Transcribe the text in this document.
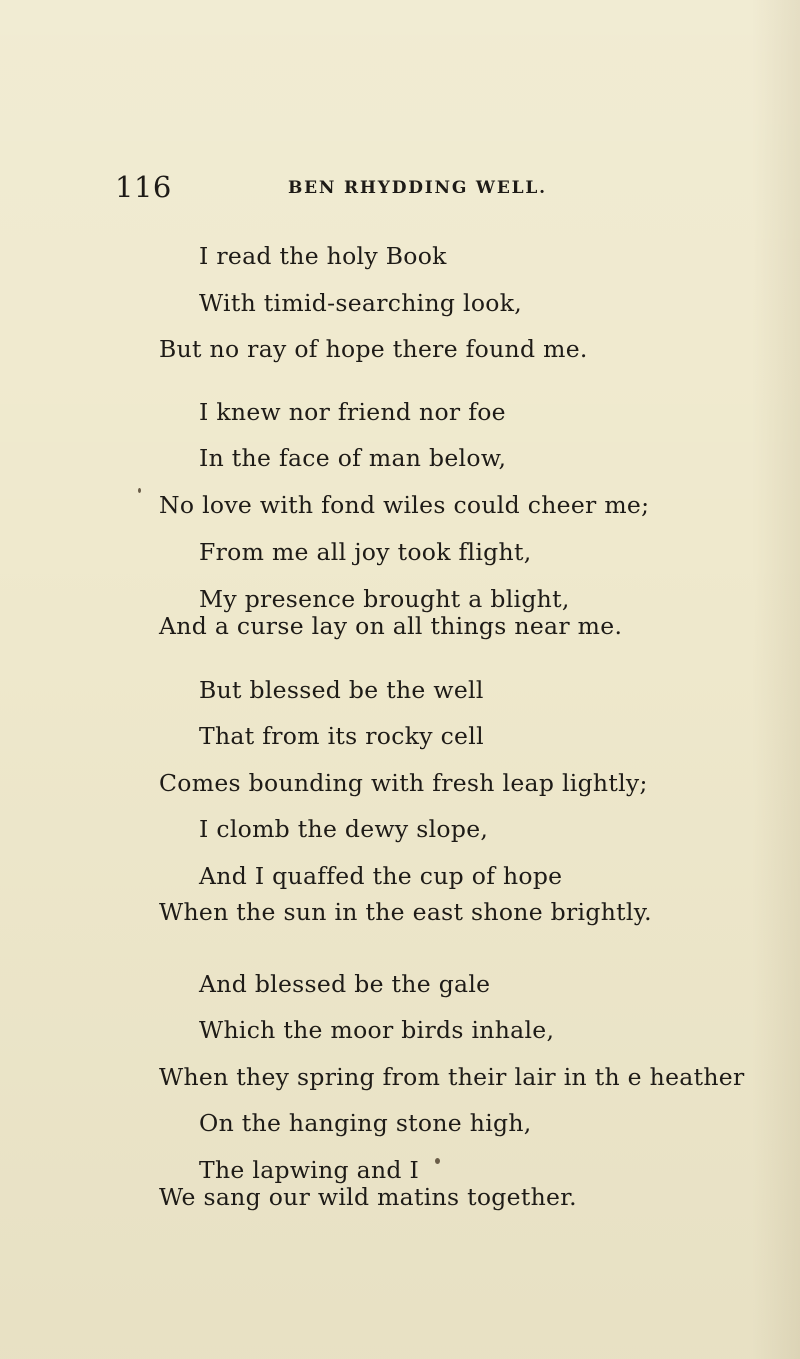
116	BEN RHYDDING WELL.
I read the holy Book
With timid-searching look,
But no ray of hope there found me.
I knew nor friend nor foe
In the face of man below,
No love with fond wiles could cheer me;
From me all joy took flight,
My presence brought a blight,
And a curse lay on all things near me.
But blessed be the well
That from its rocky cell
Comes bounding with fresh leap lightly;
I clomb the dewy slope,
And I quaffed the cup of hope
When the sun in the east shone brightly.
And blessed be the gale
Which the moor birds inhale,
When they spring from their lair in th e heather
On the hanging stone high,
The lapwing and I
We sang our wild matins together.
